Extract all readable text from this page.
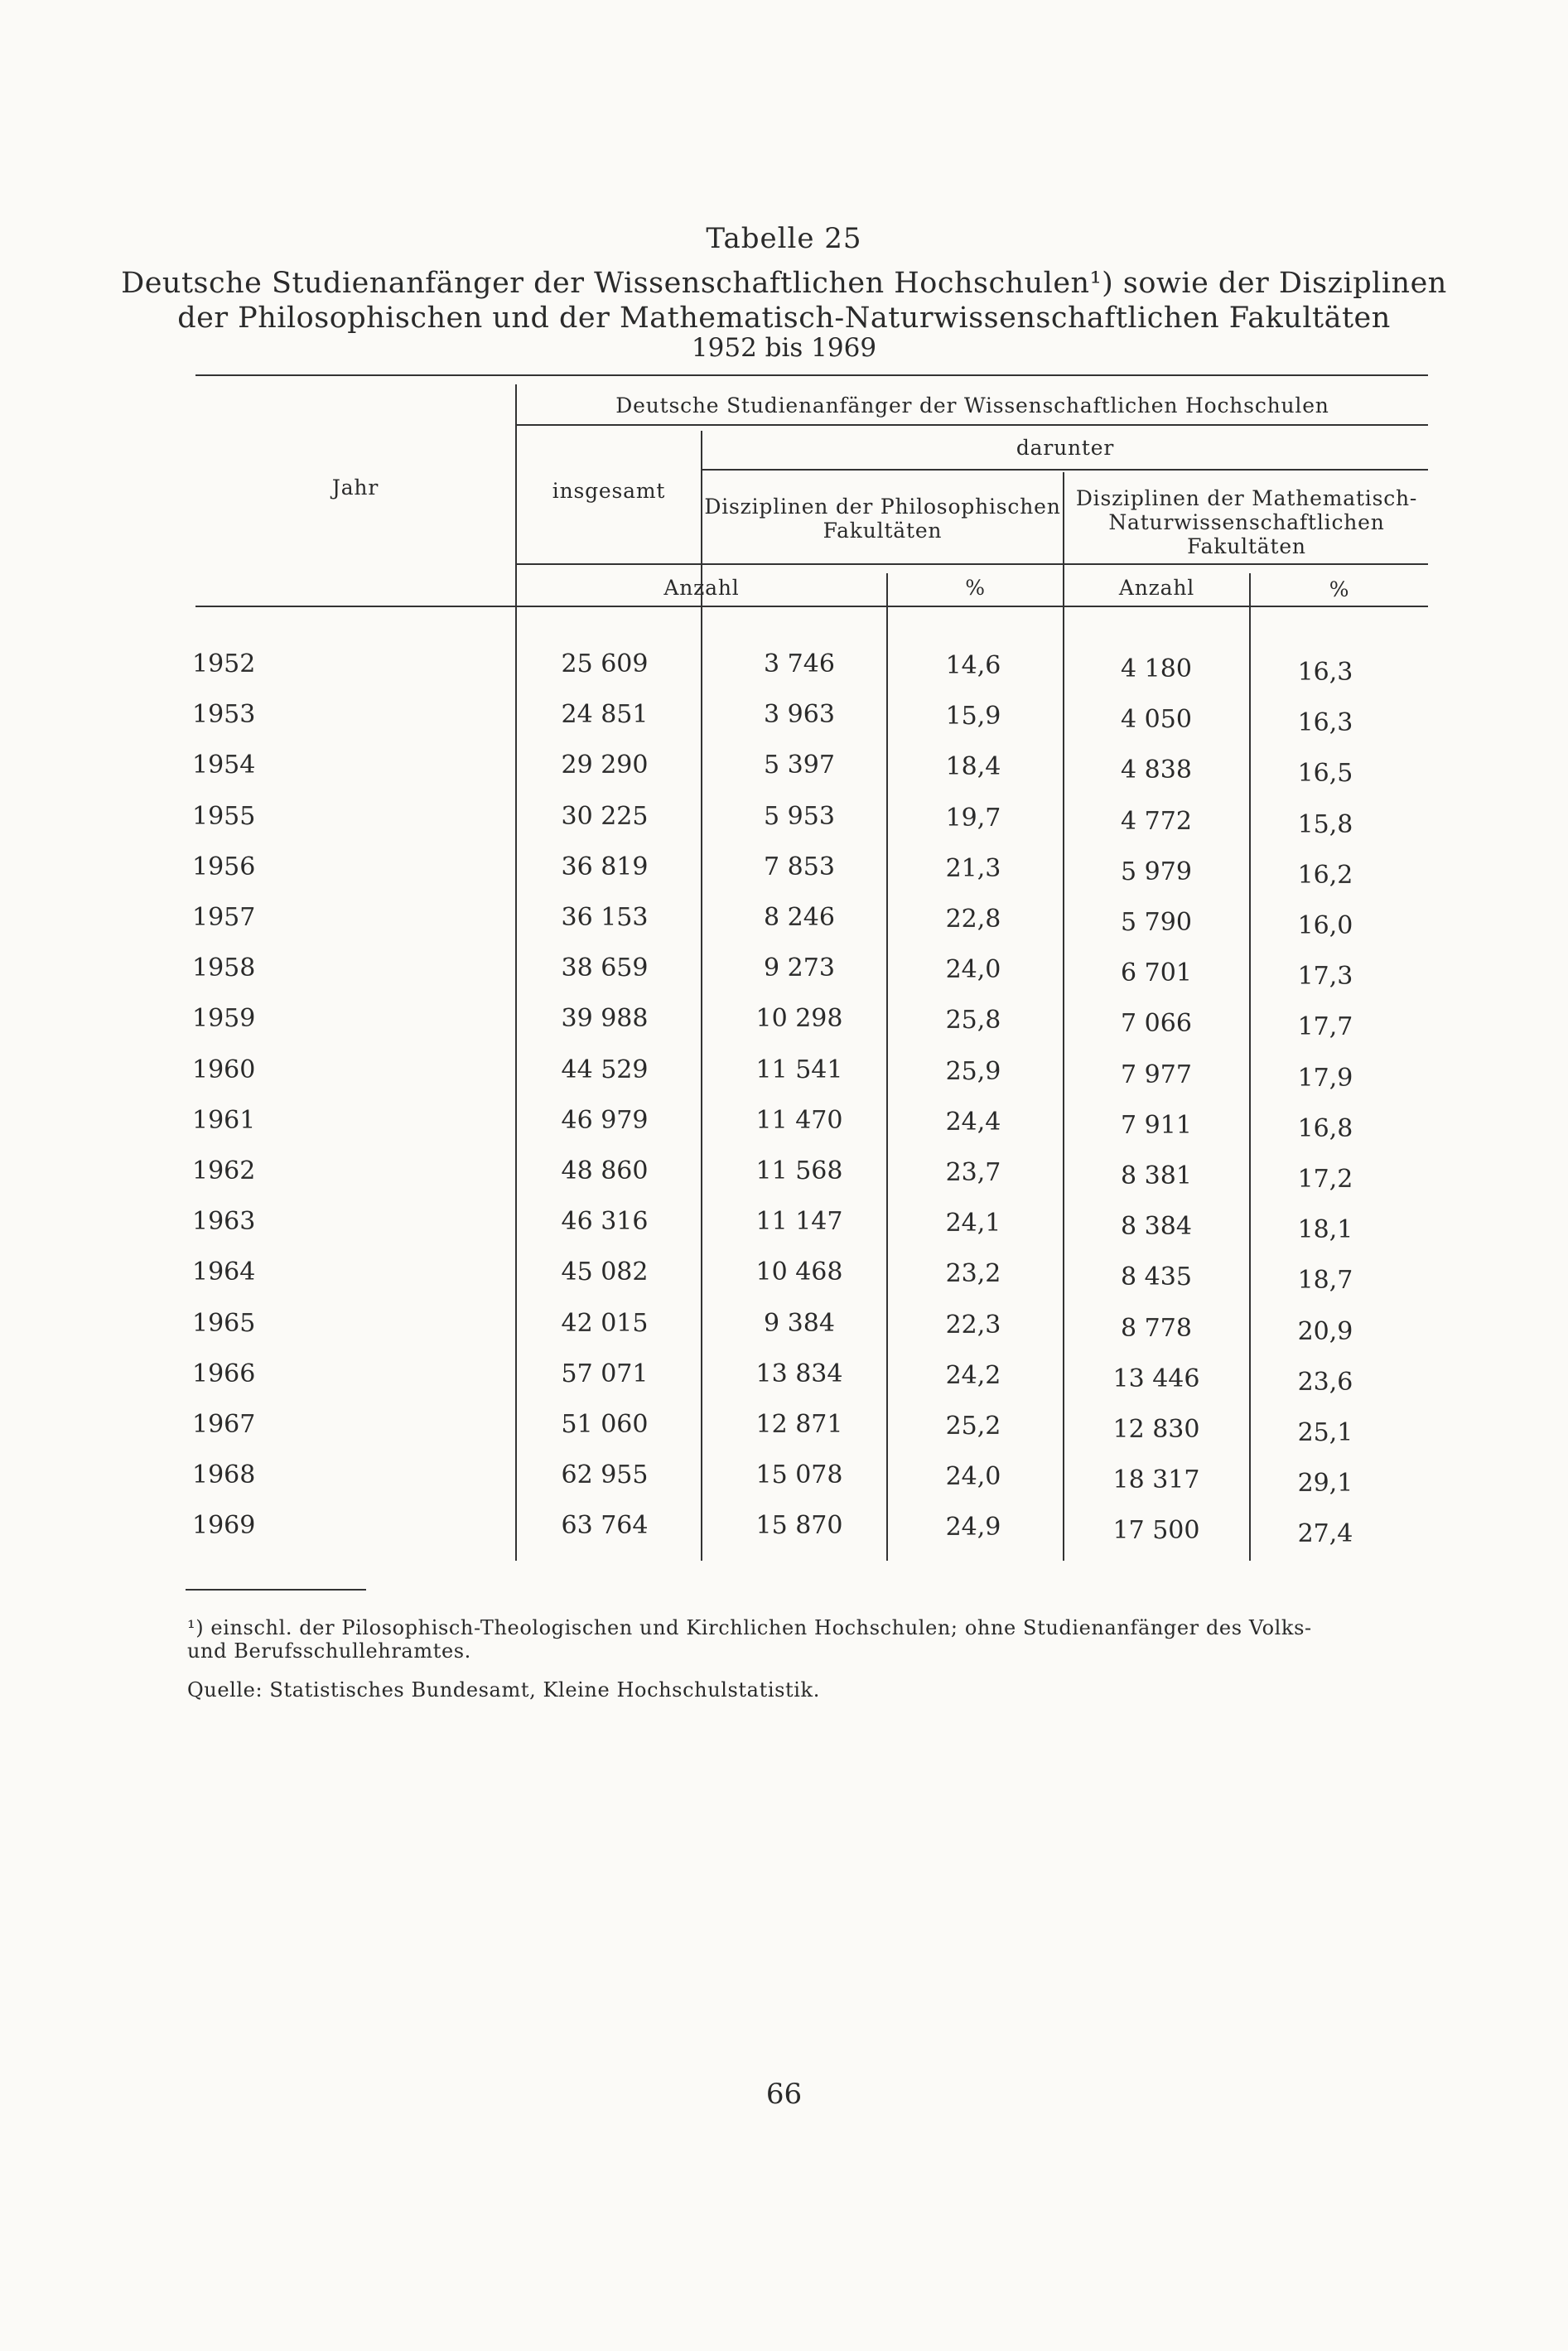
Tabelle 25
Deutsche Studienanfänger der Wissenschaftlichen Hochschulen¹) sowie der Disziplinen
der Philosophischen und der Mathematisch-Naturwissenschaftlichen Fakultäten
1952 bis 1969
Jahr
Deutsche Studienanfänger der Wissenschaftlichen Hochschulen
insgesamt
darunter
Disziplinen der Philosophischen
Fakultäten
Disziplinen der Mathematisch-
Naturwissenschaftlichen
Fakultäten
Anzahl	%	Anzahl	%
1952	25 609	3 746	14,6	4 180	16,3
1953	24 851	3 963	15,9	4 050	16,3
1954	29 290	5 397	18,4	4 838	16,5
1955	30 225	5 953	19,7	4 772	15,8
1956	36 819	7 853	21,3	5 979	16,2
1957	36 153	8 246	22,8	5 790	16,0
1958	38 659	9 273	24,0	6 701	17,3
1959	39 988	10 298	25,8	7 066	17,7
1960	44 529	11 541	25,9	7 977	17,9
1961	46 979	11 470	24,4	7 911	16,8
1962	48 860	11 568	23,7	8 381	17,2
1963	46 316	11 147	24,1	8 384	18,1
1964	45 082	10 468	23,2	8 435	18,7
1965	42 015	9 384	22,3	8 778	20,9
1966	57 071	13 834	24,2	13 446	23,6
1967	51 060	12 871	25,2	12 830	25,1
1968	62 955	15 078	24,0	18 317	29,1
1969	63 764	15 870	24,9	17 500	27,4
¹) einschl. der Pilosophisch-Theologischen und Kirchlichen Hochschulen; ohne Studienanfänger des Volks-
und Berufsschullehramtes.
Quelle: Statistisches Bundesamt, Kleine Hochschulstatistik.
66
